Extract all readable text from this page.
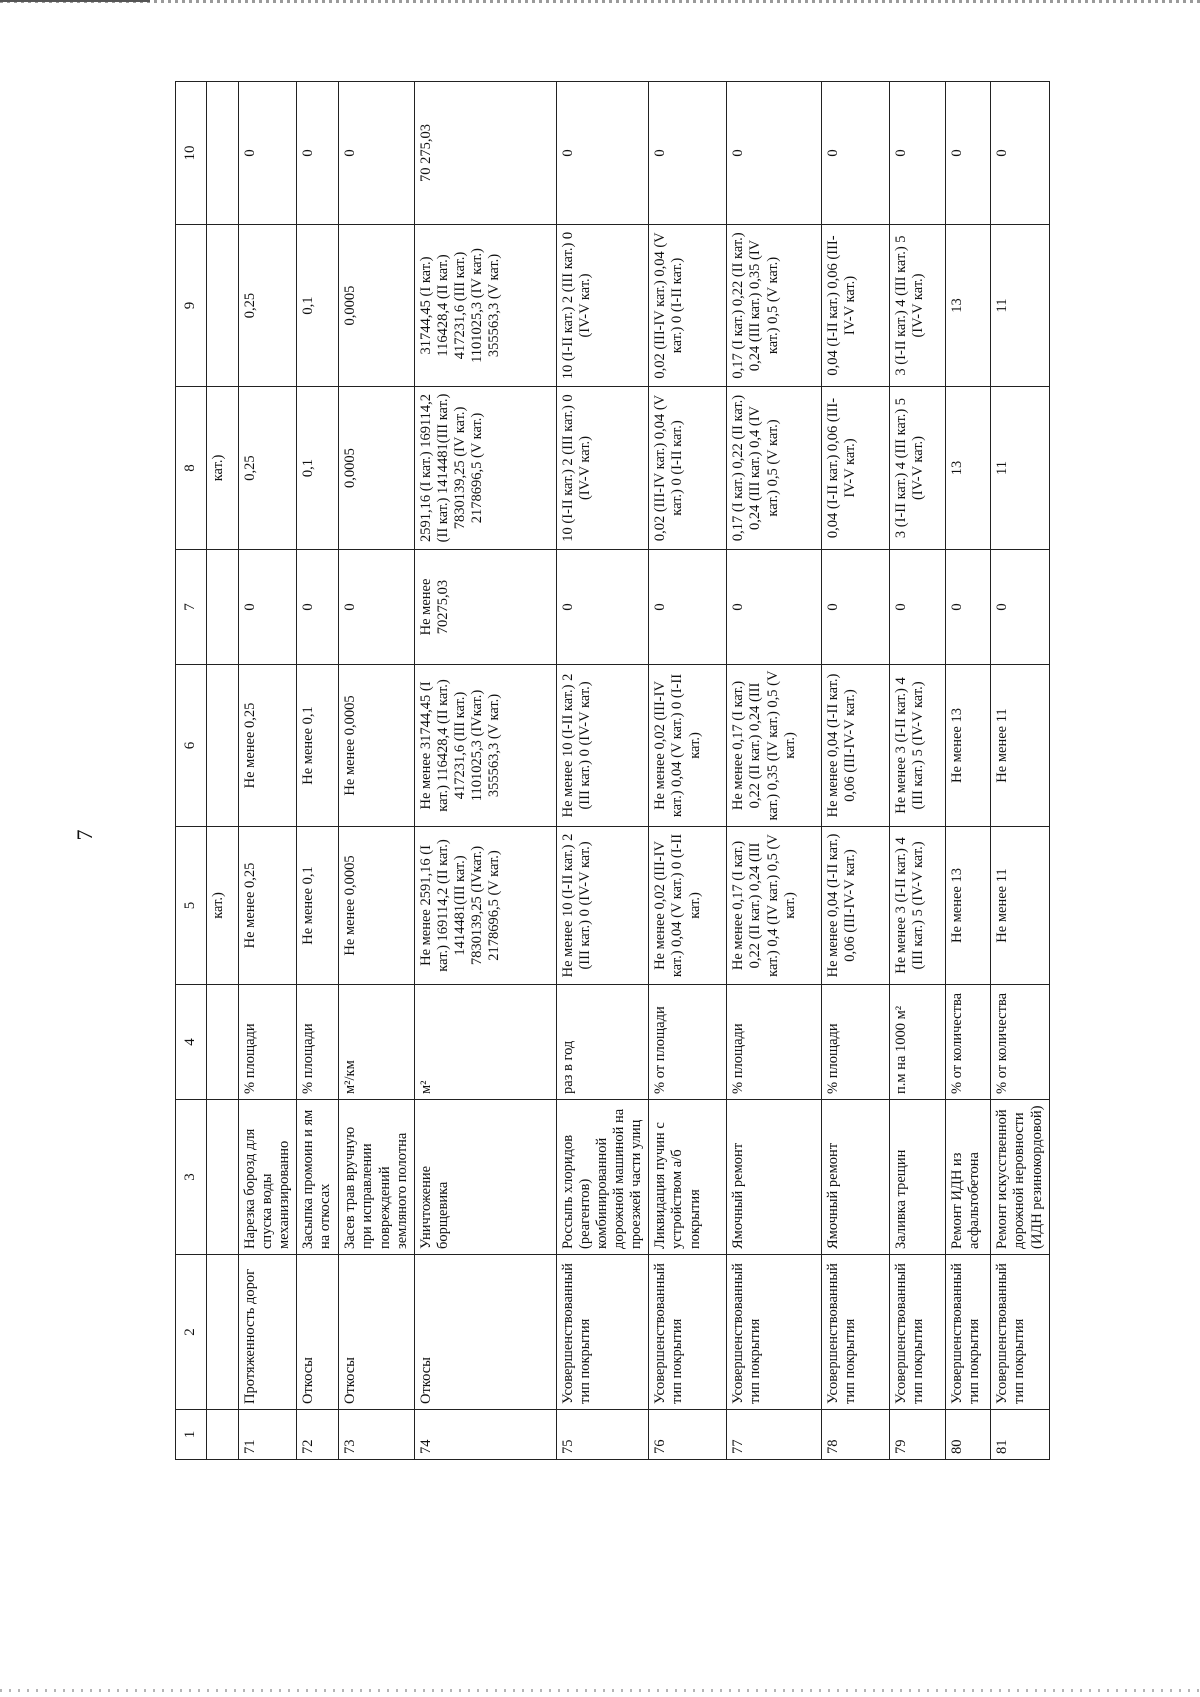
7
1	2	3	4	5	6	7	8	9	10
				кат.)			кат.)		
71	Протяженность дорог	Нарезка борозд для спуска воды механизированно	% площади	Не менее 0,25	Не менее 0,25	0	0,25	0,25	0
72	Откосы	Засыпка промоин и ям на откосах	% площади	Не менее 0,1	Не менее 0,1	0	0,1	0,1	0
73	Откосы	Засев трав вручную при исправлении повреждений земляного полотна	м²/км	Не менее 0,0005	Не менее 0,0005	0	0,0005	0,0005	0
74	Откосы	Уничтожение борщевика	м²	Не менее 2591,16 (I кат.) 169114,2 (II кат.) 1414481(III кат.) 7830139,25 (IVкат.) 2178696,5 (V кат.)	Не менее 31744,45 (I кат.) 116428,4 (II кат.) 417231,6 (III кат.) 1101025,3 (IVкат.) 355563,3 (V кат.)	Не менее 70275,03	2591,16 (I кат.) 169114,2 (II кат.) 1414481(III кат.) 7830139,25 (IV кат.) 2178696,5 (V кат.)	31744,45 (I кат.) 116428,4 (II кат.) 417231,6 (III кат.) 1101025,3 (IV кат.) 355563,3 (V кат.)	70 275,03
75	Усовершенствованный тип покрытия	Россыпь хлоридов (реагентов) комбинированной дорожной машиной на проезжей части улиц	раз в год	Не менее 10 (I-II кат.) 2 (III кат.) 0 (IV-V кат.)	Не менее 10 (I-II кат.) 2 (III кат.) 0 (IV-V кат.)	0	10 (I-II кат.) 2 (III кат.) 0 (IV-V кат.)	10 (I-II кат.) 2 (III кат.) 0 (IV-V кат.)	0
76	Усовершенствованный тип покрытия	Ликвидация пучин с устройством а/б покрытия	% от площади	Не менее 0,02 (III-IV кат.) 0,04 (V кат.) 0 (I-II кат.)	Не менее 0,02 (III-IV кат.) 0,04 (V кат.) 0 (I-II кат.)	0	0,02 (III-IV кат.) 0,04 (V кат.) 0 (I-II кат.)	0,02 (III-IV кат.) 0,04 (V кат.) 0 (I-II кат.)	0
77	Усовершенствованный тип покрытия	Ямочный ремонт	% площади	Не менее 0,17 (I кат.) 0,22 (II кат.) 0,24 (III кат.) 0,4 (IV кат.) 0,5 (V кат.)	Не менее 0,17 (I кат.) 0,22 (II кат.) 0,24 (III кат.) 0,35 (IV кат.) 0,5 (V кат.)	0	0,17 (I кат.) 0,22 (II кат.) 0,24 (III кат.) 0,4 (IV кат.) 0,5 (V кат.)	0,17 (I кат.) 0,22 (II кат.) 0,24 (III кат.) 0,35 (IV кат.) 0,5 (V кат.)	0
78	Усовершенствованный тип покрытия	Ямочный ремонт	% площади	Не менее 0,04 (I-II кат.) 0,06 (III-IV-V кат.)	Не менее 0,04 (I-II кат.) 0,06 (III-IV-V кат.)	0	0,04 (I-II кат.) 0,06 (III-IV-V кат.)	0,04 (I-II кат.) 0,06 (III-IV-V кат.)	0
79	Усовершенствованный тип покрытия	Заливка трещин	п.м на 1000 м²	Не менее 3 (I-II кат.) 4 (III кат.) 5 (IV-V кат.)	Не менее 3 (I-II кат.) 4 (III кат.) 5 (IV-V кат.)	0	3 (I-II кат.) 4 (III кат.) 5 (IV-V кат.)	3 (I-II кат.) 4 (III кат.) 5 (IV-V кат.)	0
80	Усовершенствованный тип покрытия	Ремонт ИДН из асфальтобетона	% от количества	Не менее 13	Не менее 13	0	13	13	0
81	Усовершенствованный тип покрытия	Ремонт искусственной дорожной неровности (ИДН резинокордовой)	% от количества	Не менее 11	Не менее 11	0	11	11	0
